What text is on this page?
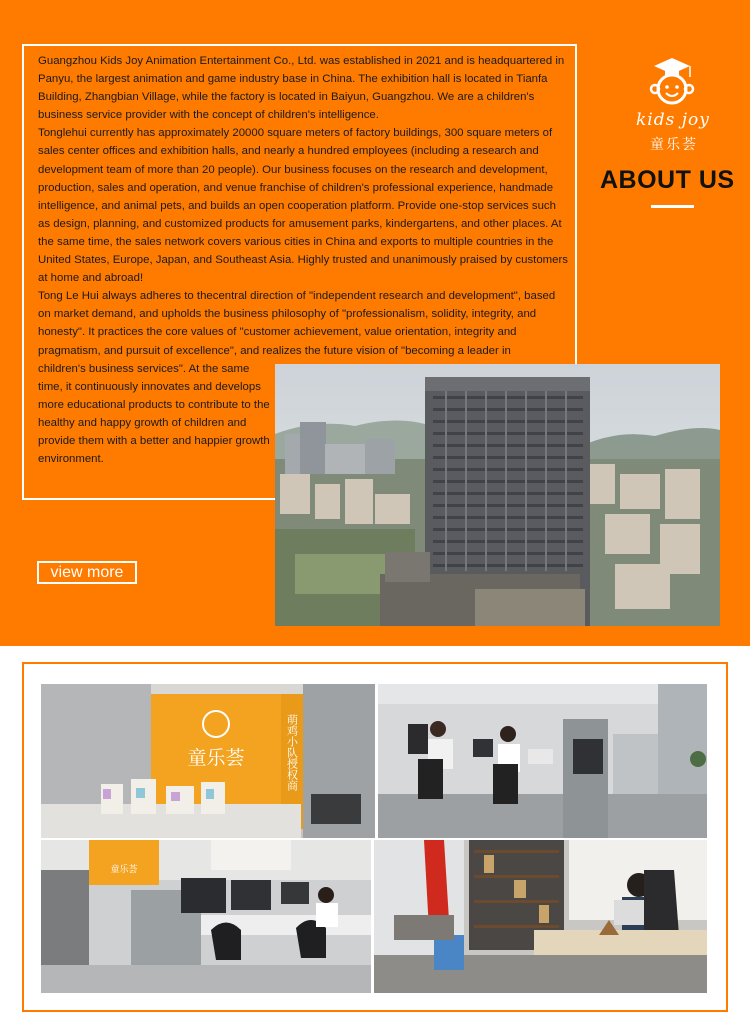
Guangzhou Kids Joy Animation Entertainment Co., Ltd. was established in 2021 and is headquartered in Panyu, the largest animation and game industry base in China. The exhibition hall is located in Tianfa Building, Zhangbian Village, while the factory is located in Baiyun, Guangzhou. We are a children's business service provider with the concept of children's intelligence.

Tonglehui currently has approximately 20000 square meters of factory buildings, 300 square meters of sales center offices and exhibition halls, and nearly a hundred employees (including a research and development team of more than 20 people). Our business focuses on the research and development, production, sales and operation, and venue franchise of children's professional experience, handmade intelligence, and animal pets, and builds an open cooperation platform. Provide one-stop services such as design, planning, and customized products for amusement parks, kindergartens, and other places. At the same time, the sales network covers various cities in China and exports to multiple countries in the United States, Europe, Japan, and Southeast Asia. Highly trusted and unanimously praised by customers at home and abroad!

Tong Le Hui always adheres to thecentral direction of "independent research and development", based on market demand, and upholds the business philosophy of "professionalism, solidity, integrity, and honesty". It practices the core values of "customer achievement, value orientation, integrity and pragmatism, and pursuit of excellence", and realizes the future vision of "becoming a leader in

children's business services". At the same time, it continuously innovates and develops more educational products to contribute to the healthy and happy growth of children and provide them with a better and happier growth environment.
view more
kids joy
童乐荟
ABOUT US
童乐荟	萌鸡小队授权商
童乐荟
